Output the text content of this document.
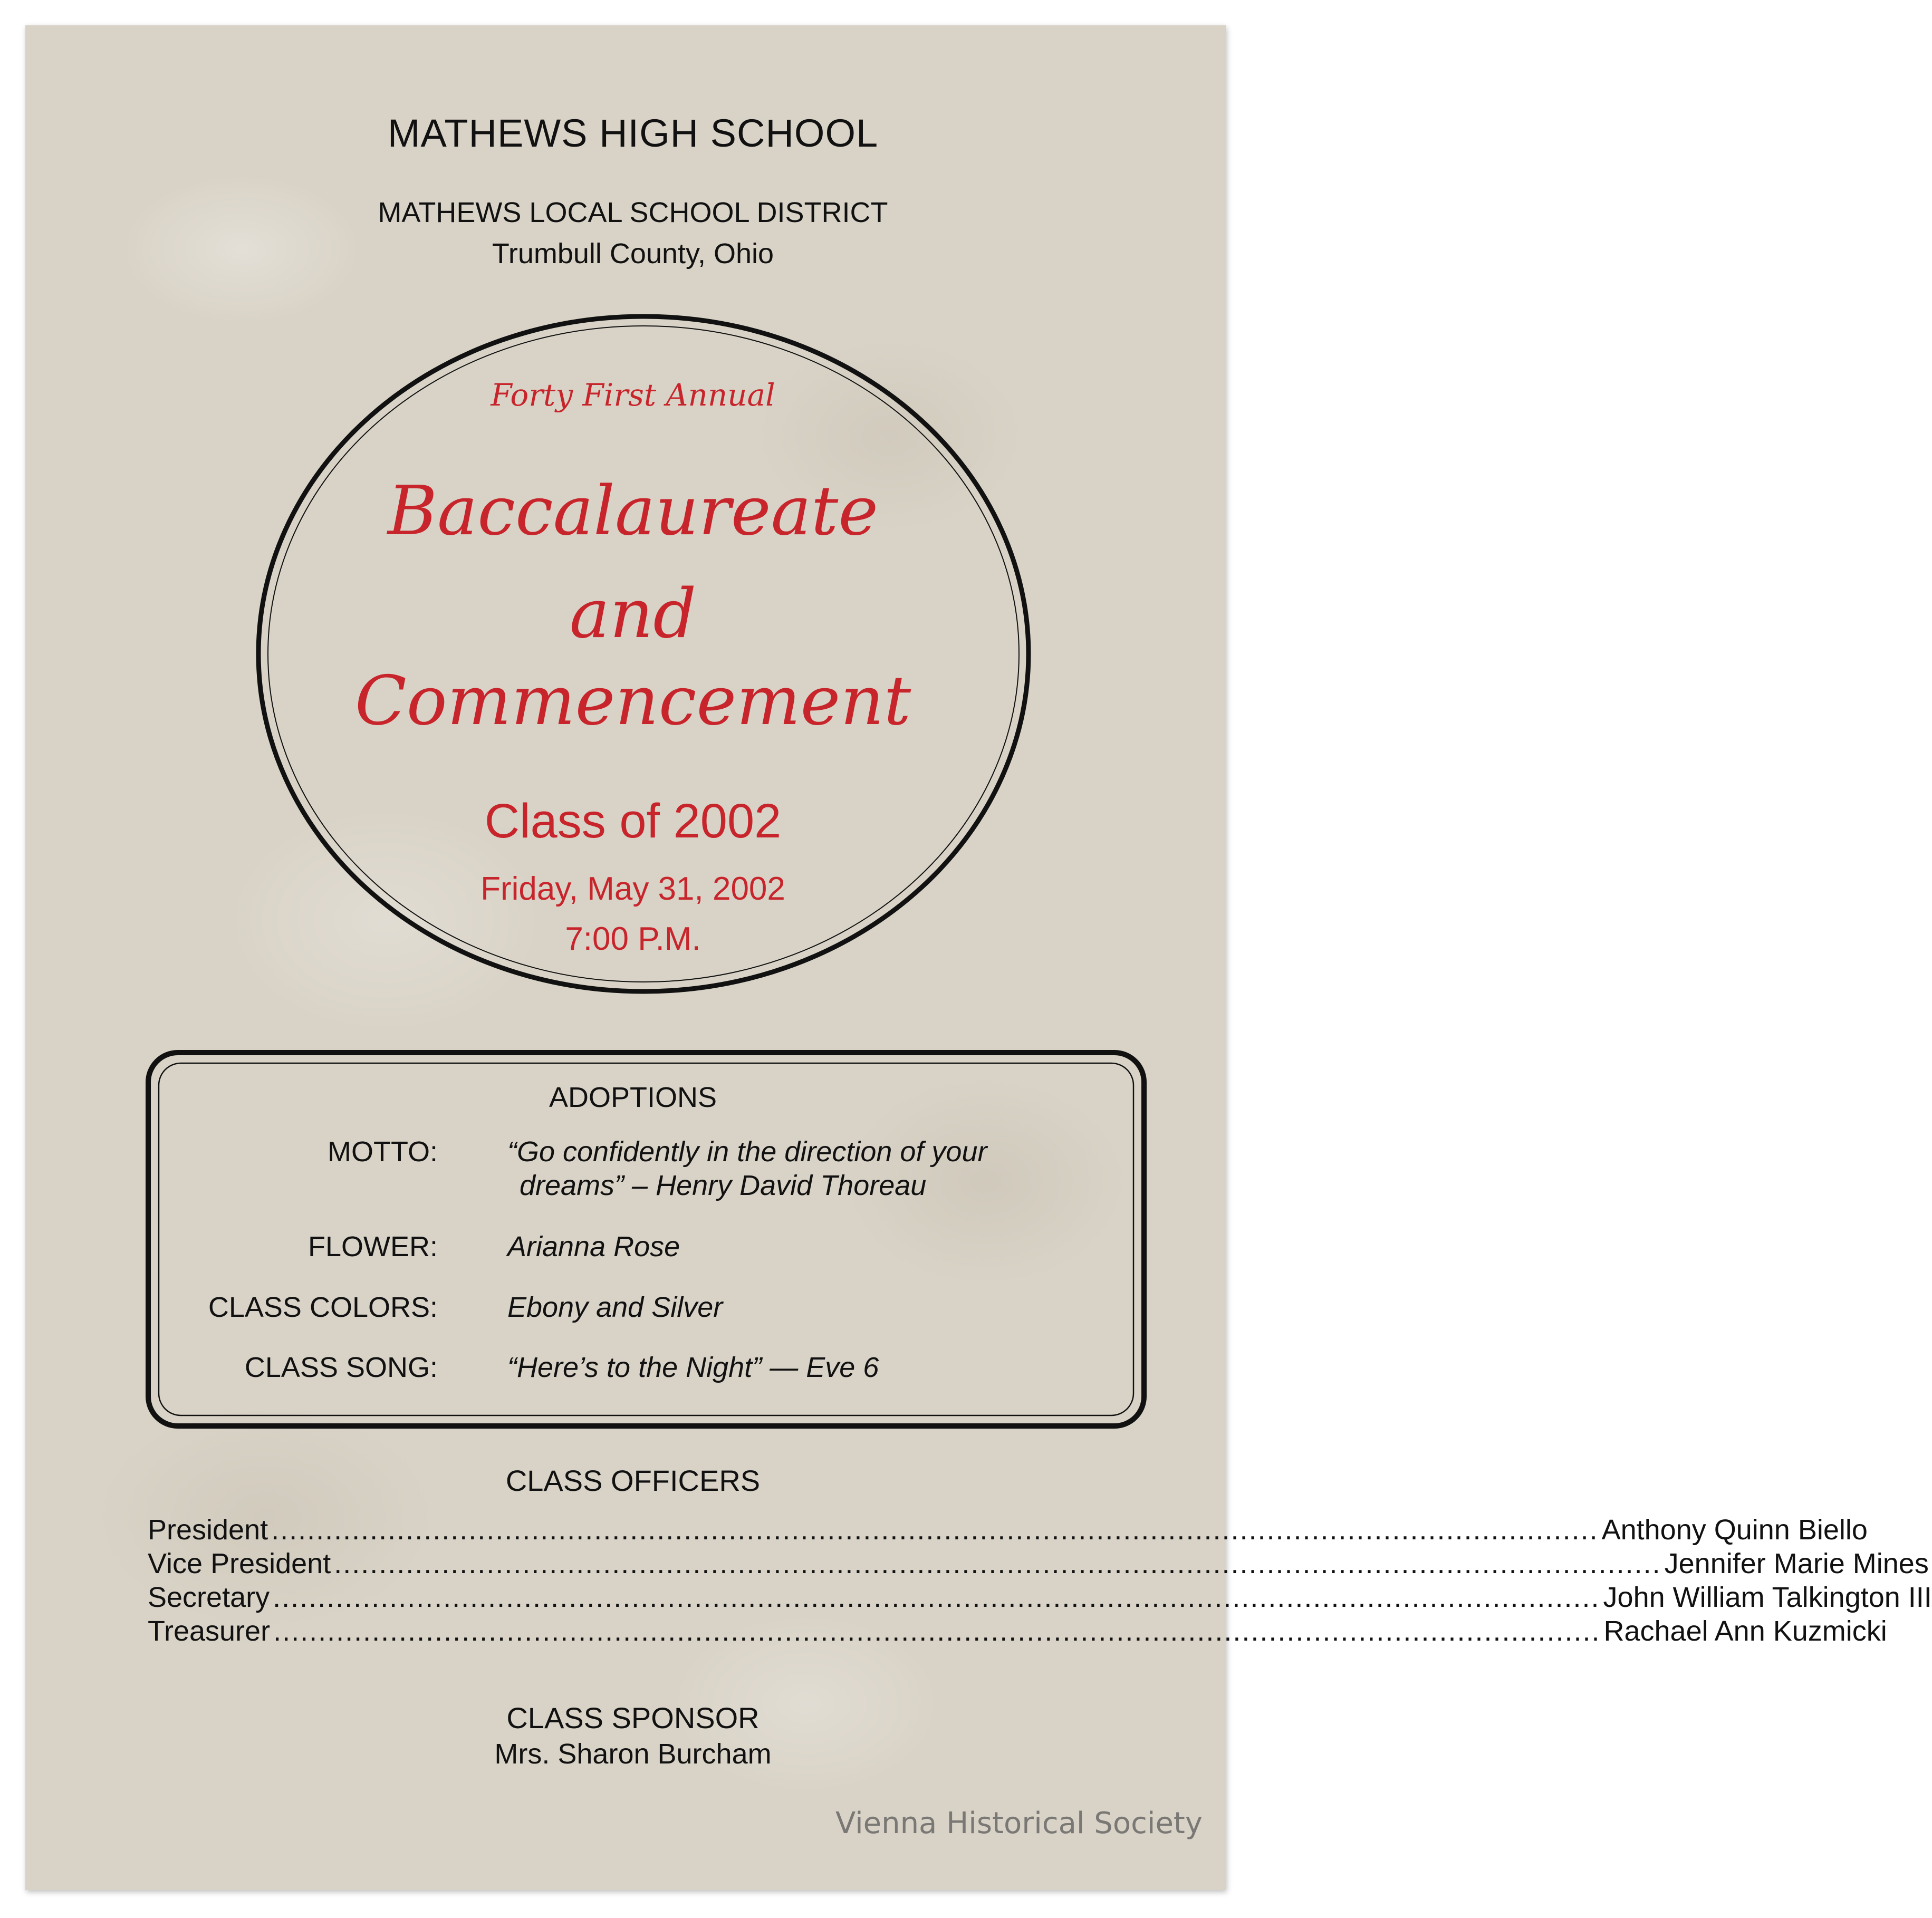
MATHEWS HIGH SCHOOL
MATHEWS LOCAL SCHOOL DISTRICT
Trumbull County, Ohio
Forty First Annual
Baccalaureate
and
Commencement
Class of 2002
Friday, May 31, 2002
7:00 P.M.
ADOPTIONS
MOTTO: “Go confidently in the direction of your
dreams” – Henry David Thoreau
FLOWER: Arianna Rose
CLASS COLORS: Ebony and Silver
CLASS SONG: “Here’s to the Night” — Eve 6
CLASS OFFICERS
President .................................................................................................................................................... Anthony Quinn Biello
Vice President .................................................................................................................................................... Jennifer Marie Mines
Secretary .................................................................................................................................................... John William Talkington III
Treasurer .................................................................................................................................................... Rachael Ann Kuzmicki
CLASS SPONSOR
Mrs. Sharon Burcham
Vienna Historical Society
